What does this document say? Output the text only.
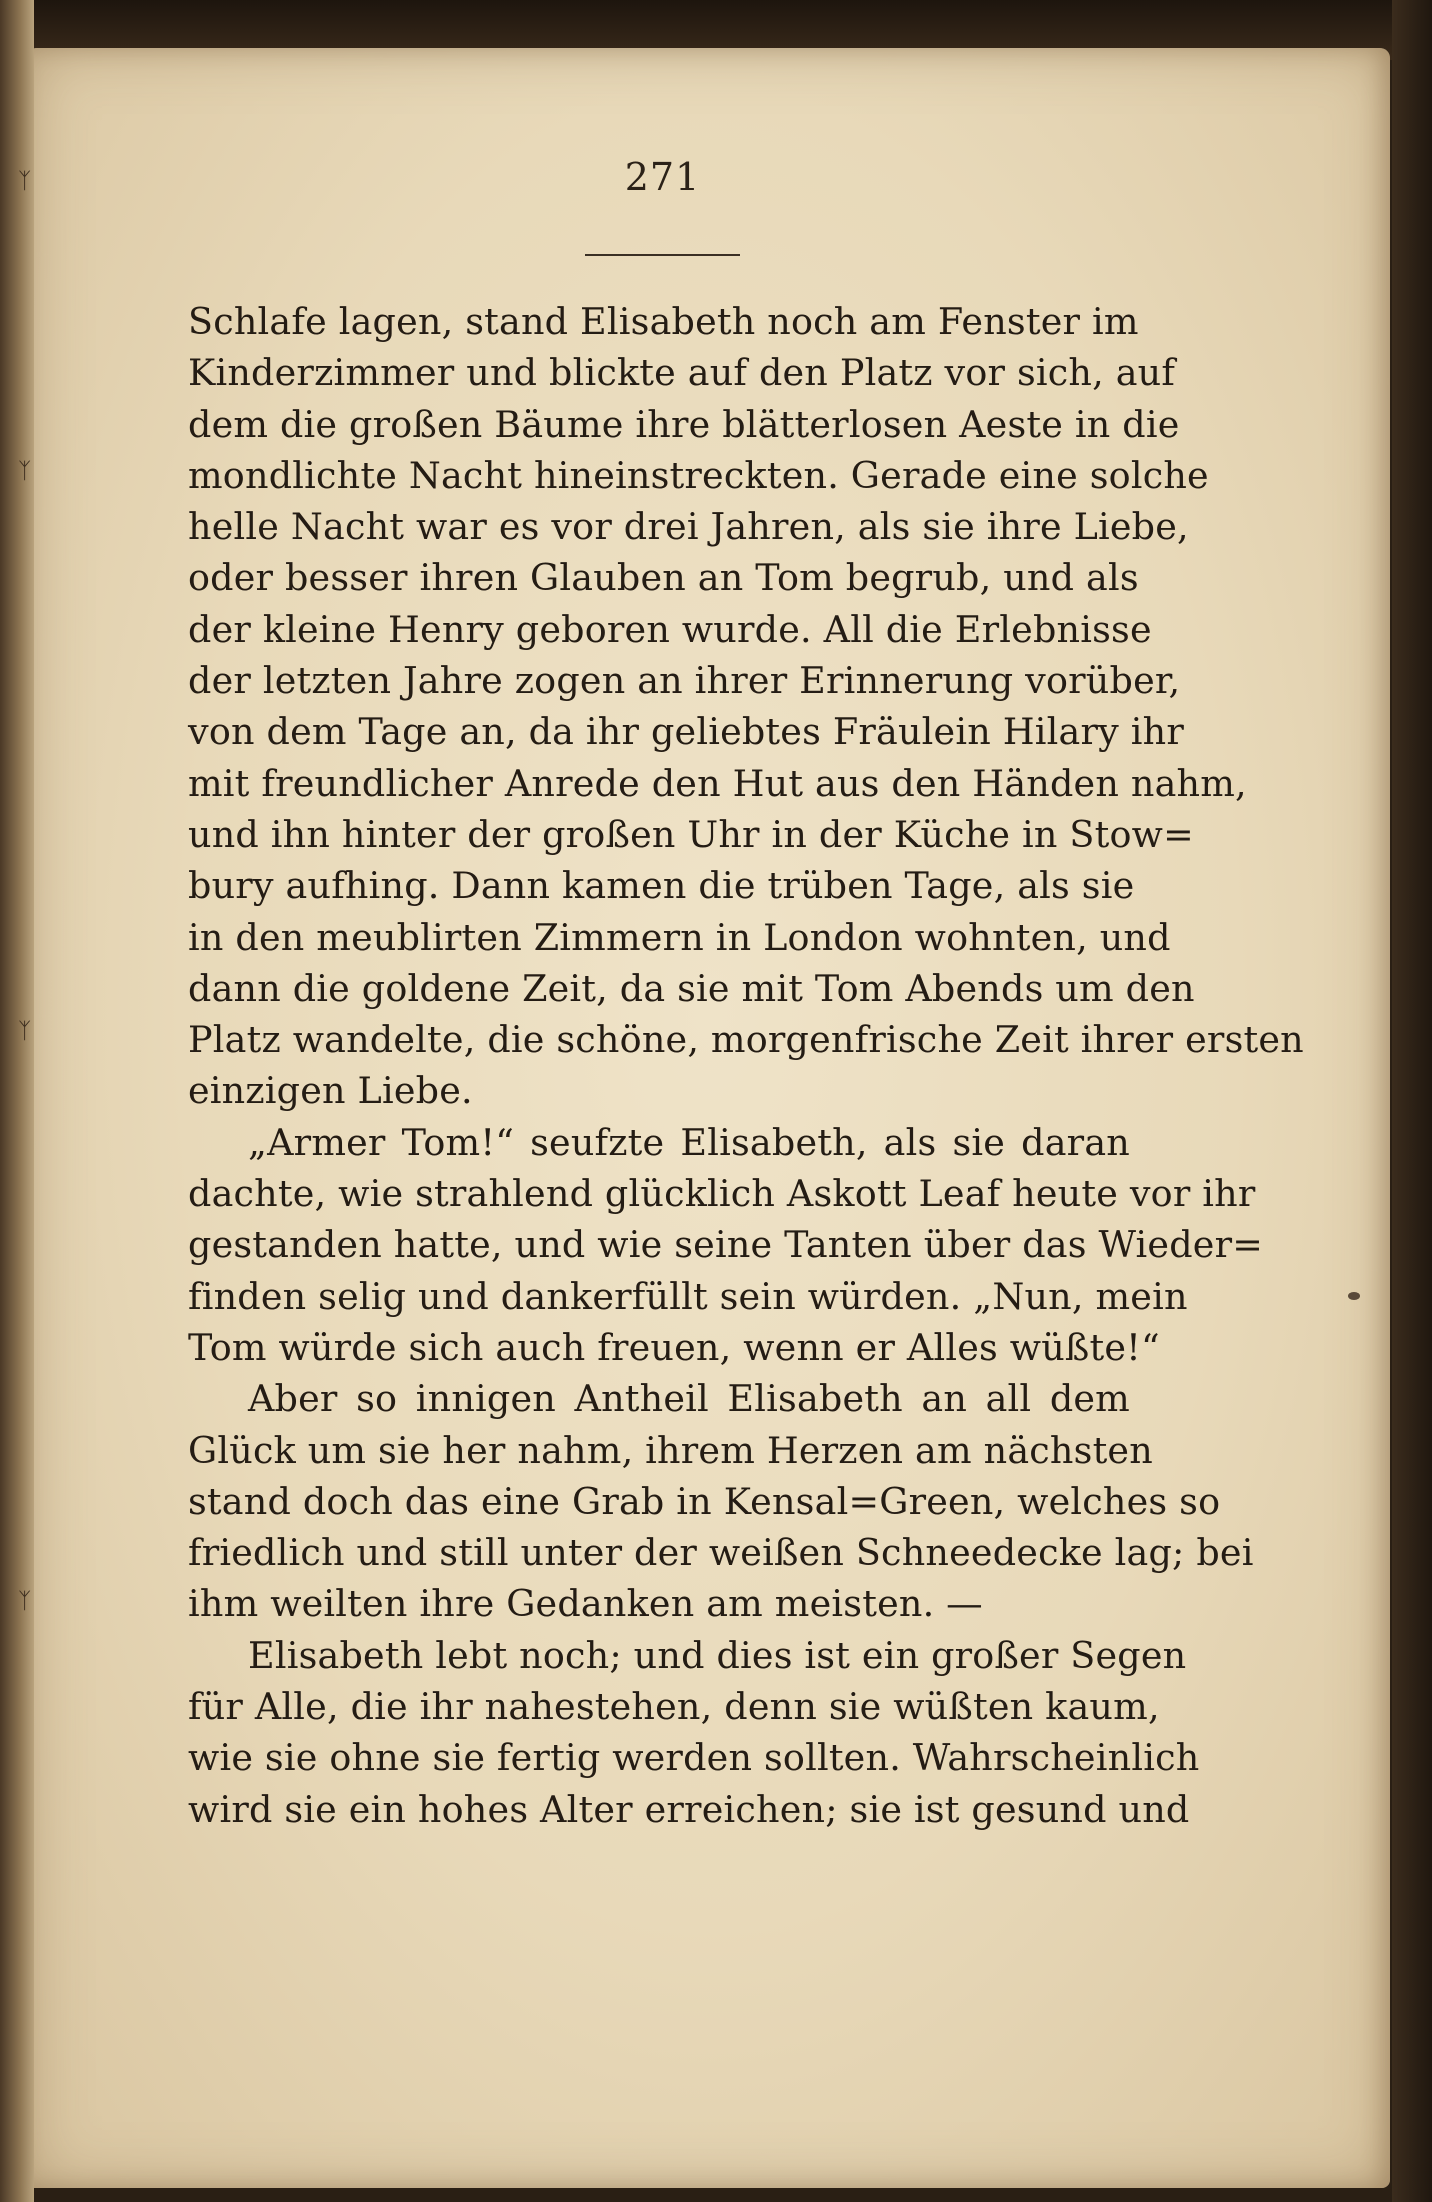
ᛉ
ᛉ
ᛉ
ᛉ
271
Schlafe lagen, stand Elisabeth noch am Fenster im
Kinderzimmer und blickte auf den Platz vor sich, auf
dem die großen Bäume ihre blätterlosen Aeste in die
mondlichte Nacht hineinstreckten. Gerade eine solche
helle Nacht war es vor drei Jahren, als sie ihre Liebe,
oder besser ihren Glauben an Tom begrub, und als
der kleine Henry geboren wurde. All die Erlebnisse
der letzten Jahre zogen an ihrer Erinnerung vorüber,
von dem Tage an, da ihr geliebtes Fräulein Hilary ihr
mit freundlicher Anrede den Hut aus den Händen nahm,
und ihn hinter der großen Uhr in der Küche in Stow=
bury aufhing. Dann kamen die trüben Tage, als sie
in den meublirten Zimmern in London wohnten, und
dann die goldene Zeit, da sie mit Tom Abends um den
Platz wandelte, die schöne, morgenfrische Zeit ihrer ersten
einzigen Liebe.
„Armer Tom!“ seufzte Elisabeth, als sie daran
dachte, wie strahlend glücklich Askott Leaf heute vor ihr
gestanden hatte, und wie seine Tanten über das Wieder=
finden selig und dankerfüllt sein würden. „Nun, mein
Tom würde sich auch freuen, wenn er Alles wüßte!“
Aber so innigen Antheil Elisabeth an all dem
Glück um sie her nahm, ihrem Herzen am nächsten
stand doch das eine Grab in Kensal=Green, welches so
friedlich und still unter der weißen Schneedecke lag; bei
ihm weilten ihre Gedanken am meisten. —
Elisabeth lebt noch; und dies ist ein großer Segen
für Alle, die ihr nahestehen, denn sie wüßten kaum,
wie sie ohne sie fertig werden sollten. Wahrscheinlich
wird sie ein hohes Alter erreichen; sie ist gesund und
